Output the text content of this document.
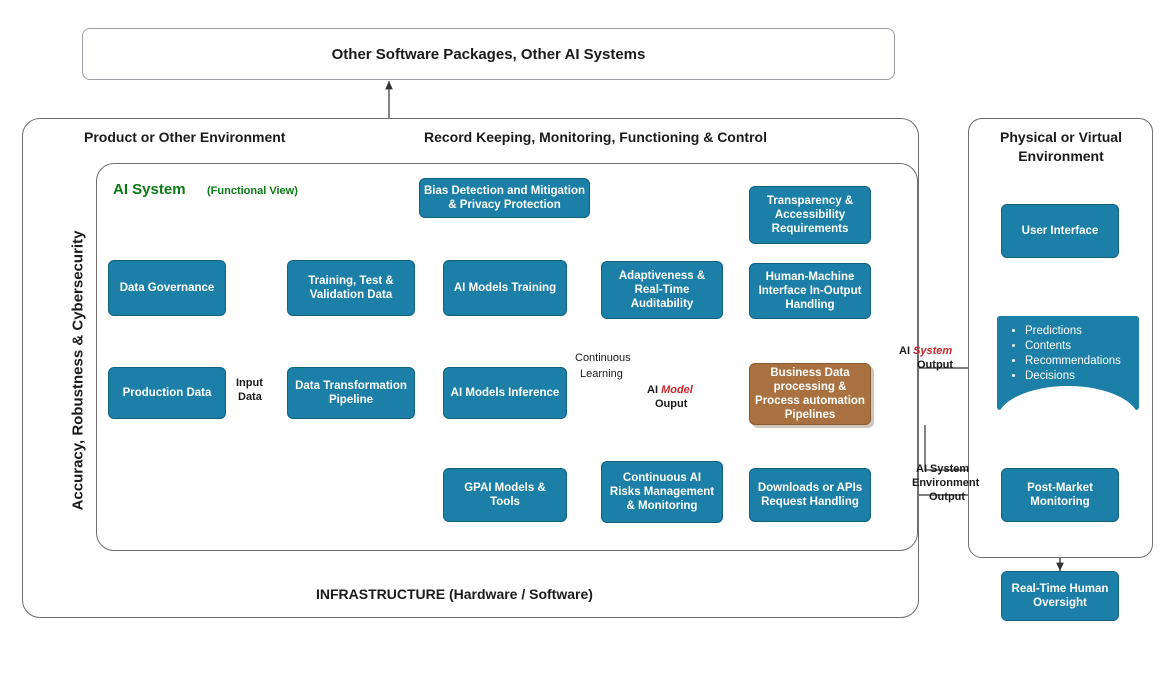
Other Software Packages, Other AI Systems
Product or Other Environment	Record Keeping, Monitoring, Functioning & Control
Accuracy, Robustness & Cybersecurity
INFRASTRUCTURE (Hardware / Software)
AI System (Functional View)
Physical or Virtual Environment
Data Governance
Training, Test & Validation Data
AI Models Training
Bias Detection and Mitigation & Privacy Protection
Adaptiveness & Real-Time Auditability
Production Data
Data Transformation Pipeline
AI Models Inference
GPAI Models & Tools
Continuous AI Risks Management & Monitoring
Transparency & Accessibility Requirements
Human-Machine Interface In-Output Handling
Business Data processing & Process automation Pipelines
Downloads or APIs Request Handling
User Interface
• Predictions
• Contents
• Recommendations
• Decisions
Post-Market Monitoring
Real-Time Human Oversight
Input
Data
Continuous
Learning
AI Model
Ouput
AI System
Output
AI System
Environment
Output
